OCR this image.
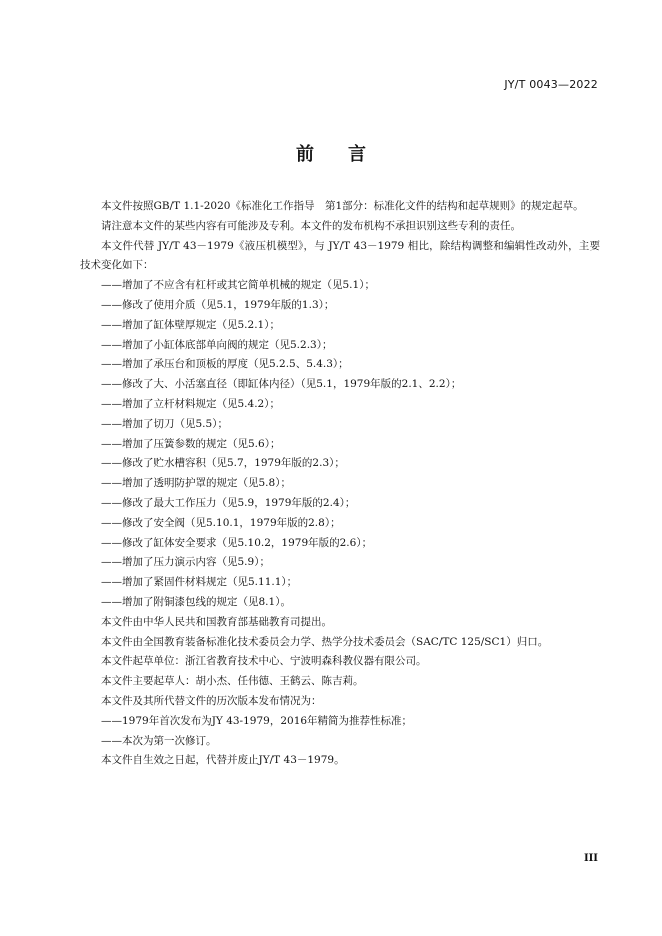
JY/T 0043—2022
前言

本文件按照GB/T 1.1-2020《标准化工作指导　第1部分：标准化文件的结构和起草规则》的规定起草。

请注意本文件的某些内容有可能涉及专利。本文件的发布机构不承担识别这些专利的责任。

本文件代替 JY/T 43－1979《液压机模型》，与 JY/T 43－1979 相比，除结构调整和编辑性改动外，主要技术变化如下：

——增加了不应含有杠杆或其它简单机械的规定（见5.1）；

——修改了使用介质（见5.1，1979年版的1.3）；

——增加了缸体壁厚规定（见5.2.1）；

——增加了小缸体底部单向阀的规定（见5.2.3）；

——增加了承压台和顶板的厚度（见5.2.5、5.4.3）；

——修改了大、小活塞直径（即缸体内径）（见5.1，1979年版的2.1、2.2）；

——增加了立杆材料规定（见5.4.2）；

——增加了切刀（见5.5）；

——增加了压簧参数的规定（见5.6）；

——修改了贮水槽容积（见5.7，1979年版的2.3）；

——增加了透明防护罩的规定（见5.8）；

——修改了最大工作压力（见5.9，1979年版的2.4）；

——修改了安全阀（见5.10.1，1979年版的2.8）；

——修改了缸体安全要求（见5.10.2，1979年版的2.6）；

——增加了压力演示内容（见5.9）；

——增加了紧固件材料规定（见5.11.1）；

——增加了附铜漆包线的规定（见8.1）。

本文件由中华人民共和国教育部基础教育司提出。

本文件由全国教育装备标准化技术委员会力学、热学分技术委员会（SAC/TC 125/SC1）归口。

本文件起草单位：浙江省教育技术中心、宁波明森科教仪器有限公司。

本文件主要起草人：胡小杰、任伟德、王鹤云、陈吉莉。

本文件及其所代替文件的历次版本发布情况为：

——1979年首次发布为JY 43-1979，2016年精简为推荐性标准；

——本次为第一次修订。

本文件自生效之日起，代替并废止JY/T 43－1979。

III
